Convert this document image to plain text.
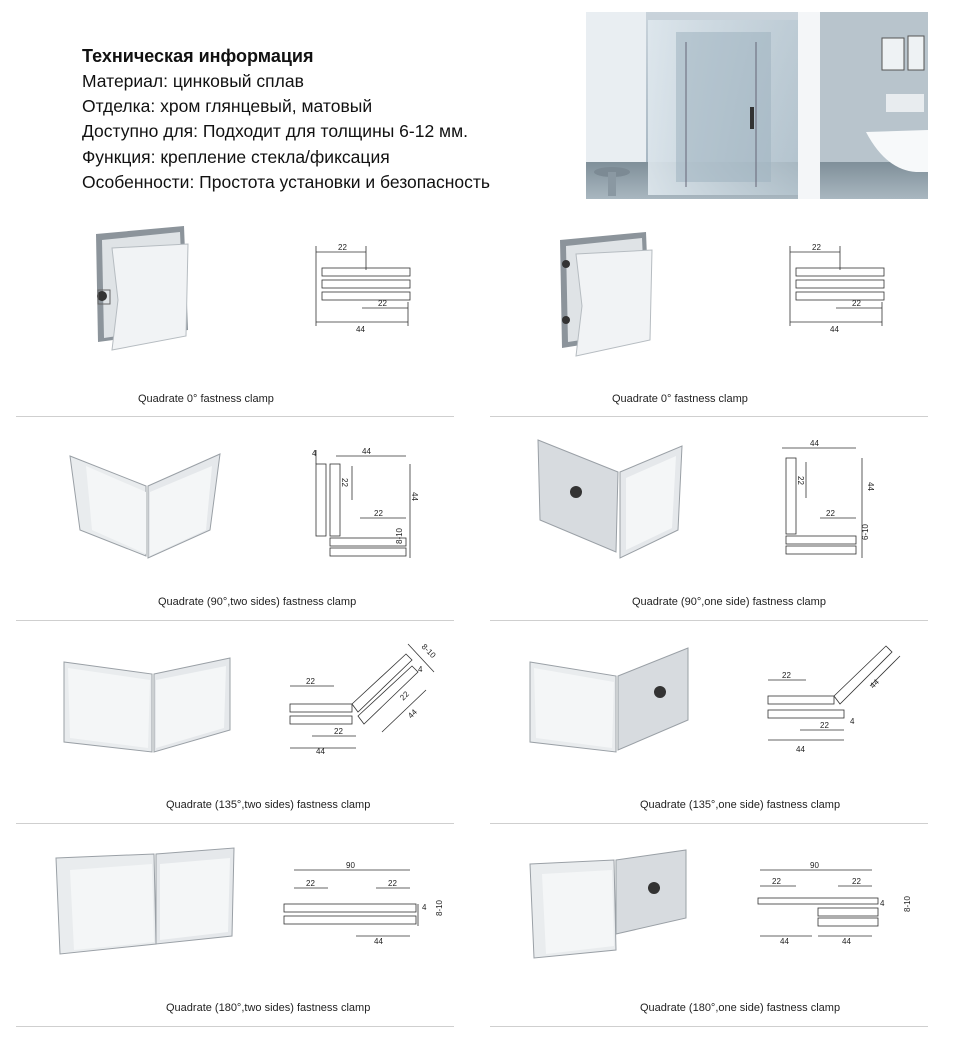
Техническая информация
Материал: цинковый сплав
Отделка: хром глянцевый, матовый
Доступно для: Подходит для толщины 6-12 мм.
Функция: крепление стекла/фиксация
Особенности: Простота установки и безопасность
22
22
44
Quadrate 0° fastness clamp
22
22
44
Quadrate 0° fastness clamp
44
22
44
22
8-10
4
Quadrate (90°,two sides) fastness clamp
44
22
44
22
6-10
Quadrate (90°,one side) fastness clamp
22
22
44
44
22
8-10
4
Quadrate (135°,two sides) fastness clamp
22
22
44
44
4
Quadrate (135°,one side) fastness clamp
90
22	22
44
4 8-10
Quadrate (180°,two sides) fastness clamp
90
22	22
44	44
4 8-10
Quadrate (180°,one side) fastness clamp
